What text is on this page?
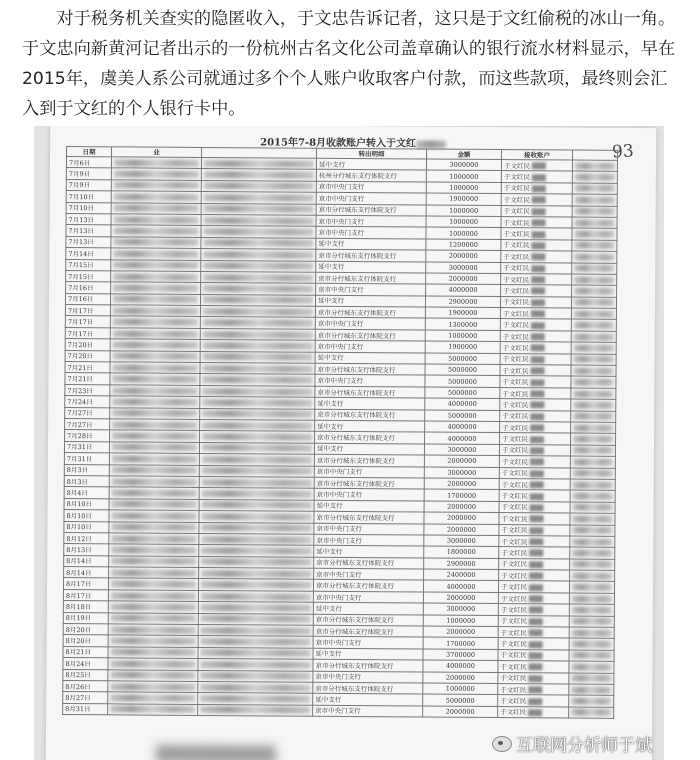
对于税务机关查实的隐匿收入，于文忠告诉记者，这只是于文红偷税的冰山一角。于文忠向新黄河记者出示的一份杭州古名文化公司盖章确认的银行流水材料显示，早在2015年，虞美人系公司就通过多个个人账户收取客户付款，而这些款项，最终则会汇入到于文红的个人银行卡中。

2015年7-8月收款账户转入于文红	93
日期	业		转出明细	金额	接收账户	
7月6日			延中支行	3000000	于文红民	

7月9日			杭州分行城东支行体院支行	1000000	于文红民	

7月9日			京市中央门支行	1000000	于文红民	

7月10日			京市中央门支行	1900000	于文红民	

7月10日			京市分行城东支行体院支行	1000000	于文红民	

7月13日			京市中央门支行	1000000	于文红民	

7月13日			京市中央门支行	1000000	于文红民	

7月13日			延中支行	1200000	于文红民	

7月14日			京市分行城东支行体院支行	2000000	于文红民	

7月15日			延中支行	3000000	于文红民	

7月15日			京市分行城东支行体院支行	2000000	于文红民	

7月16日			京市中央门支行	4000000	于文红民	

7月16日			延中支行	2900000	于文红民	

7月17日			京市分行城东支行体院支行	1900000	于文红民	

7月17日			京市中央门支行	1300000	于文红民	

7月17日			京市分行城东支行体院支行	1000000	于文红民	

7月20日			京市中央门支行	1900000	于文红民	

7月20日			延中支行	5000000	于文红民	

7月21日			京市分行城东支行体院支行	5000000	于文红民	

7月21日			京市中央门支行	5000000	于文红民	

7月23日			京市分行城东支行体院支行	5000000	于文红民	

7月24日			延中支行	4000000	于文红民	

7月27日			京市分行城东支行体院支行	5000000	于文红民	

7月27日			延中支行	4000000	于文红民	

7月28日			京市分行城东支行体院支行	4000000	于文红民	

7月31日			延中支行	3000000	于文红民	

7月31日			京市分行城东支行体院支行	2000000	于文红民	

8月3日			京市中央门支行	3000000	于文红民	

8月3日			京市分行城东支行体院支行	2000000	于文红民	

8月4日			京市中央门支行	1700000	于文红民	

8月10日			延中支行	2000000	于文红民	

8月10日			京市分行城东支行体院支行	2000000	于文红民	

8月10日			京市中央门支行	2000000	于文红民	

8月12日			京市中央门支行	3000000	于文红民	

8月13日			延中支行	1800000	于文红民	

8月14日			京市分行城东支行体院支行	2900000	于文红民	

8月14日			京市中央门支行	2400000	于文红民	

8月17日			京市分行城东支行体院支行	4000000	于文红民	

8月17日			京市中央门支行	2000000	于文红民	

8月18日			延中支行	3000000	于文红民	

8月19日			京市分行城东支行体院支行	1000000	于文红民	

8月20日			京市分行城东支行体院支行	2000000	于文红民	

8月20日			京市中央门支行	1700000	于文红民	

8月21日			延中支行	3700000	于文红民	

8月24日			京市分行城东支行体院支行	4000000	于文红民	

8月25日			京市中央门支行	2000000	于文红民	

8月26日			京市分行城东支行体院支行	1000000	于文红民	

8月27日			延中支行	5000000	于文红民	

8月31日			京市中央门支行	2000000	于文红民	
互联网分析师于斌
